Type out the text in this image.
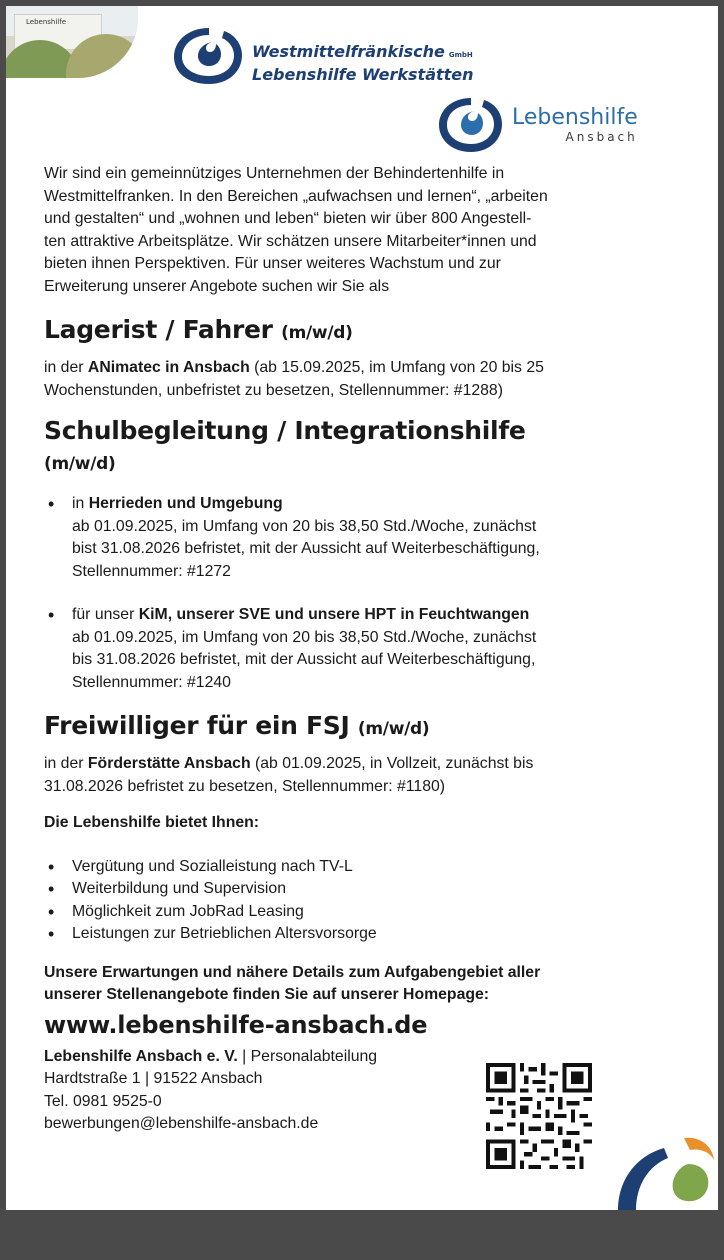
Lebenshilfe
Westmittelfränkische GmbH
Lebenshilfe Werkstätten
Lebenshilfe
Ansbach

Wir sind ein gemeinnütziges Unternehmen der Behindertenhilfe in
Westmittelfranken. In den Bereichen „aufwachsen und lernen“, „arbeiten
und gestalten“ und „wohnen und leben“ bieten wir über 800 Angestell-
ten attraktive Arbeitsplätze. Wir schätzen unsere Mitarbeiter*innen und
bieten ihnen Perspektiven. Für unser weiteres Wachstum und zur
Erweiterung unserer Angebote suchen wir Sie als

Lagerist / Fahrer (m/w/d)

in der ANimatec in Ansbach (ab 15.09.2025, im Umfang von 20 bis 25
Wochenstunden, unbefristet zu besetzen, Stellennummer: #1288)

Schulbegleitung / Integrationshilfe
(m/w/d)
• in Herrieden und Umgebung
ab 01.09.2025, im Umfang von 20 bis 38,50 Std./Woche, zunächst
bist 31.08.2026 befristet, mit der Aussicht auf Weiterbeschäftigung,
Stellennummer: #1272
• für unser KiM, unserer SVE und unsere HPT in Feuchtwangen
ab 01.09.2025, im Umfang von 20 bis 38,50 Std./Woche, zunächst
bis 31.08.2026 befristet, mit der Aussicht auf Weiterbeschäftigung,
Stellennummer: #1240
Freiwilliger für ein FSJ (m/w/d)

in der Förderstätte Ansbach (ab 01.09.2025, in Vollzeit, zunächst bis
31.08.2026 befristet zu besetzen, Stellennummer: #1180)

Die Lebenshilfe bietet Ihnen:

• Vergütung und Sozialleistung nach TV-L
• Weiterbildung und Supervision
• Möglichkeit zum JobRad Leasing
• Leistungen zur Betrieblichen Altersvorsorge

Unsere Erwartungen und nähere Details zum Aufgabengebiet aller
unserer Stellenangebote finden Sie auf unserer Homepage:

www.lebenshilfe-ansbach.de

Lebenshilfe Ansbach e. V. | Personalabteilung
Hardtstraße 1 | 91522 Ansbach
Tel. 0981 9525-0
bewerbungen@lebenshilfe-ansbach.de
